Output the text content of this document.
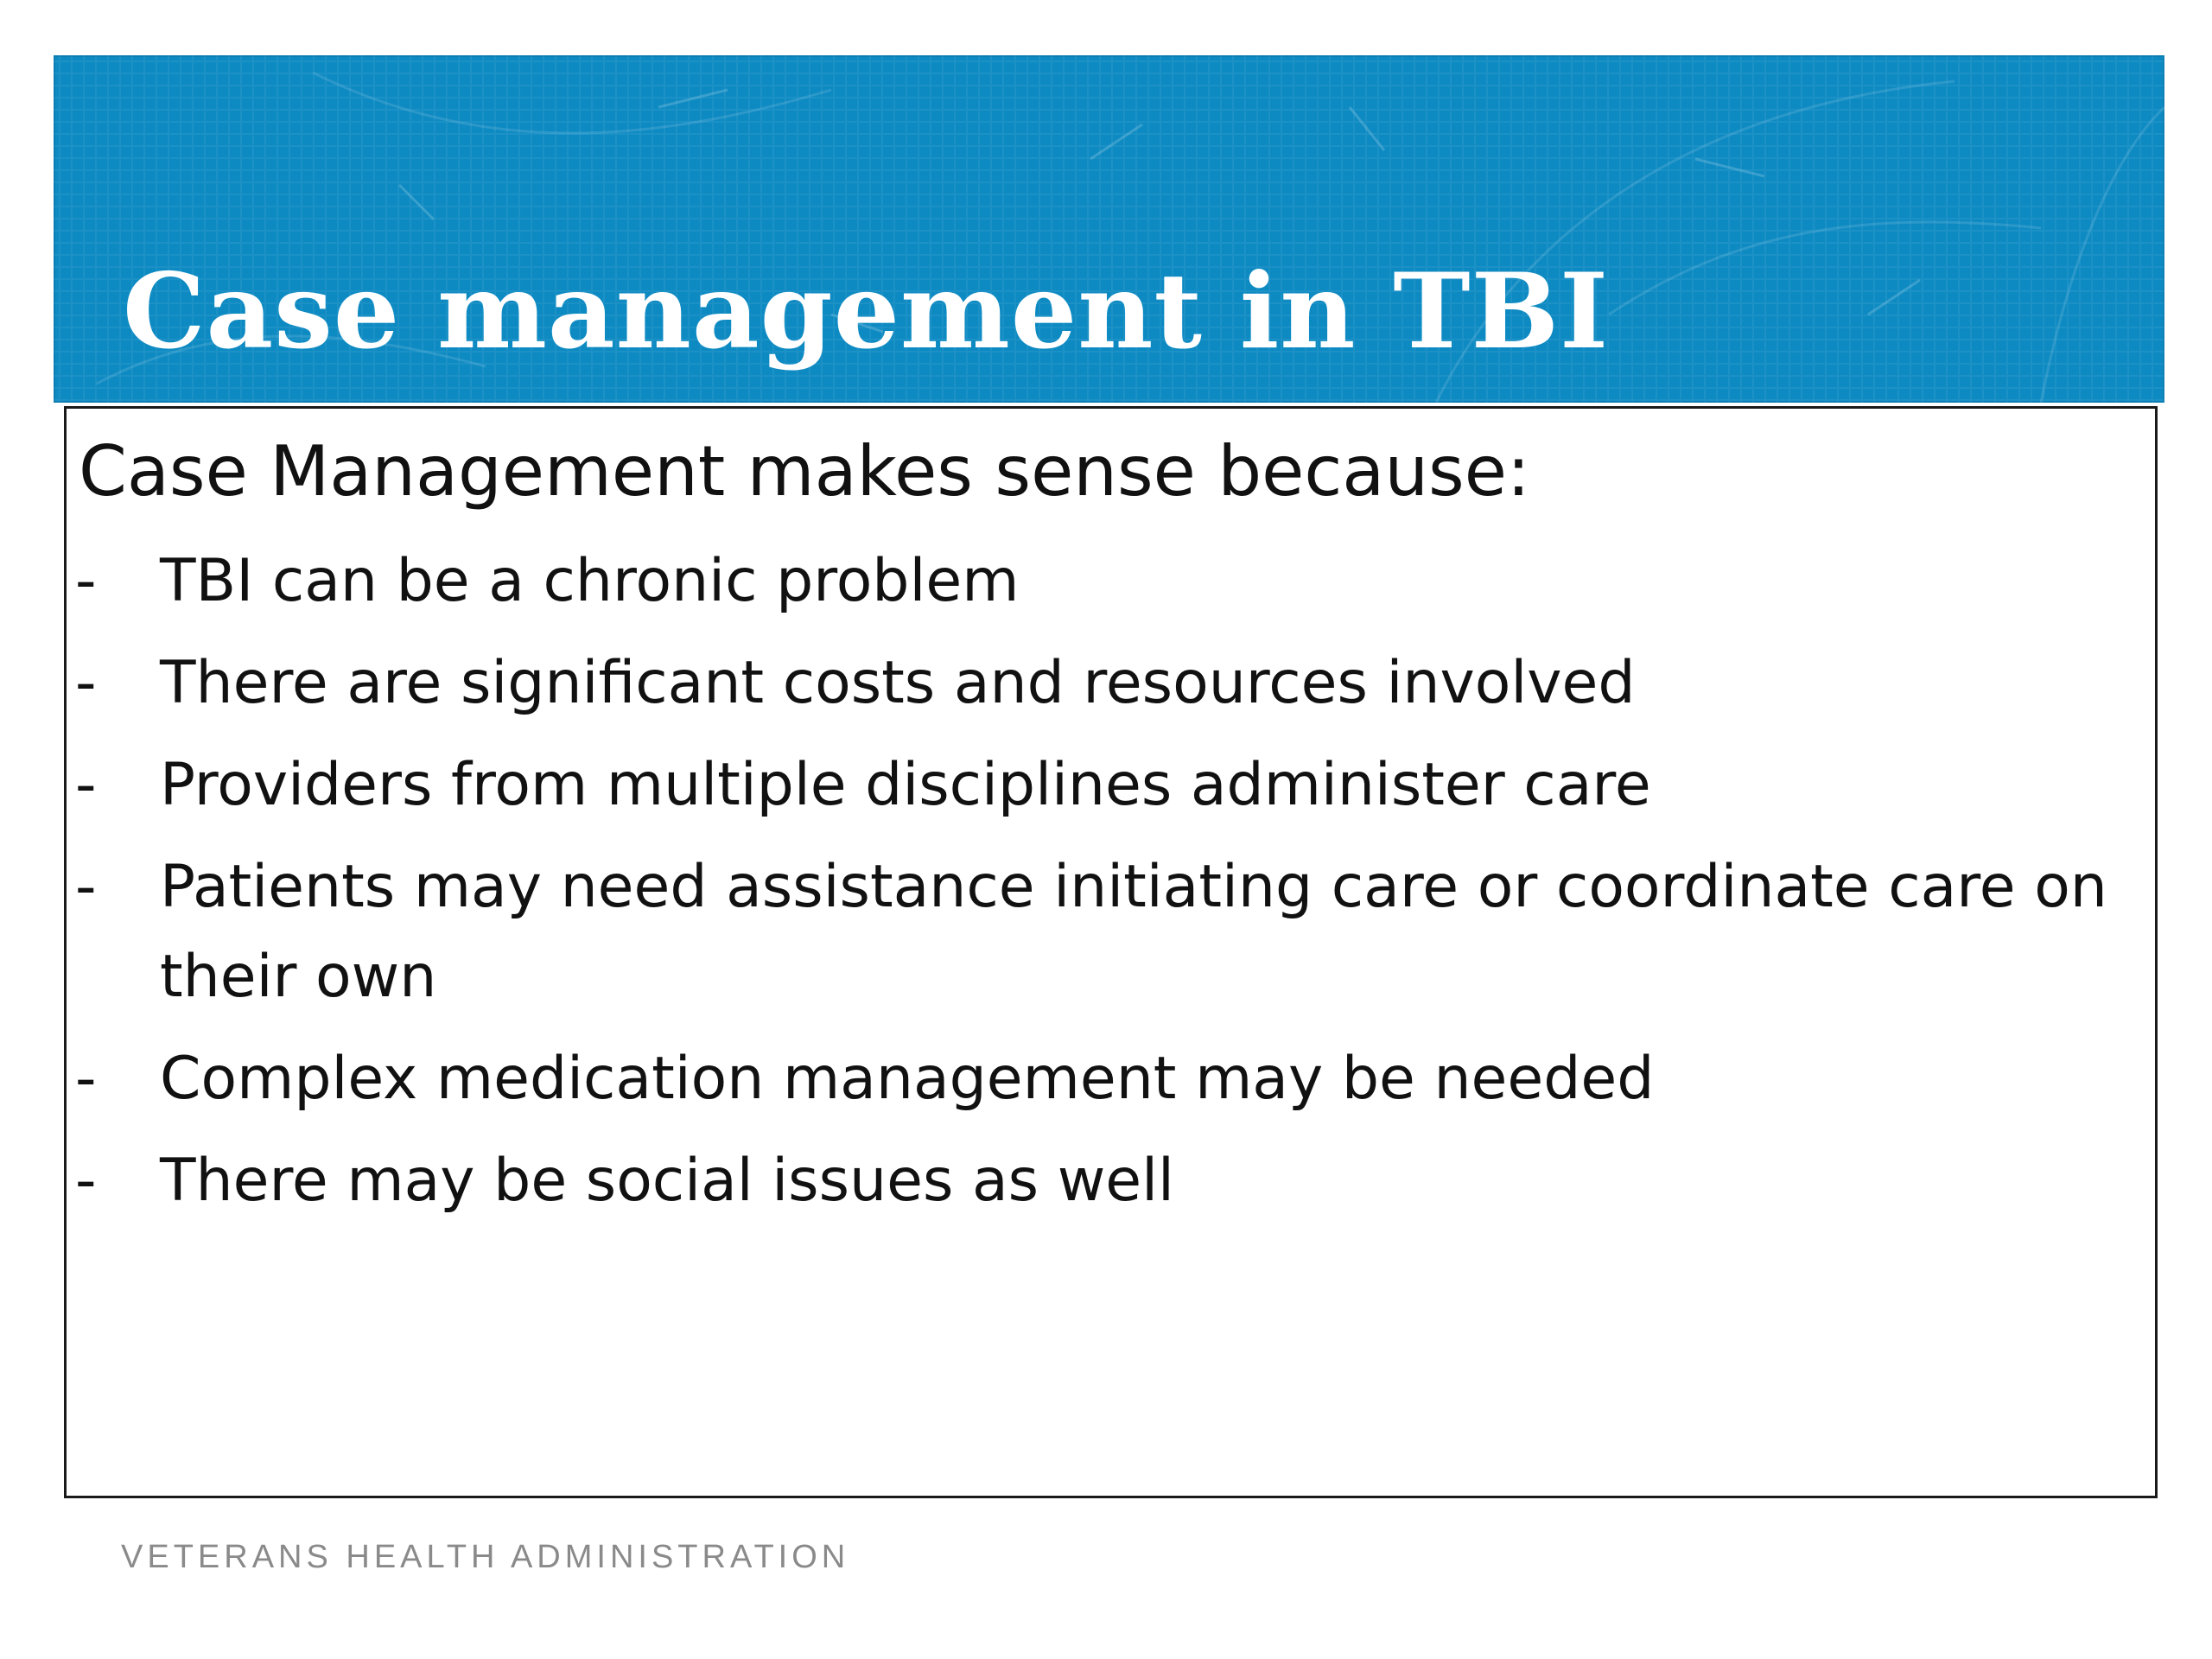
Case management in TBI

Case Management makes sense because:

- TBI can be a chronic problem
- There are significant costs and resources involved
- Providers from multiple disciplines administer care
- Patients may need assistance initiating care or coordinate care on their own
- Complex medication management may be needed
- There may be social issues as well

VETERANS HEALTH ADMINISTRATION
